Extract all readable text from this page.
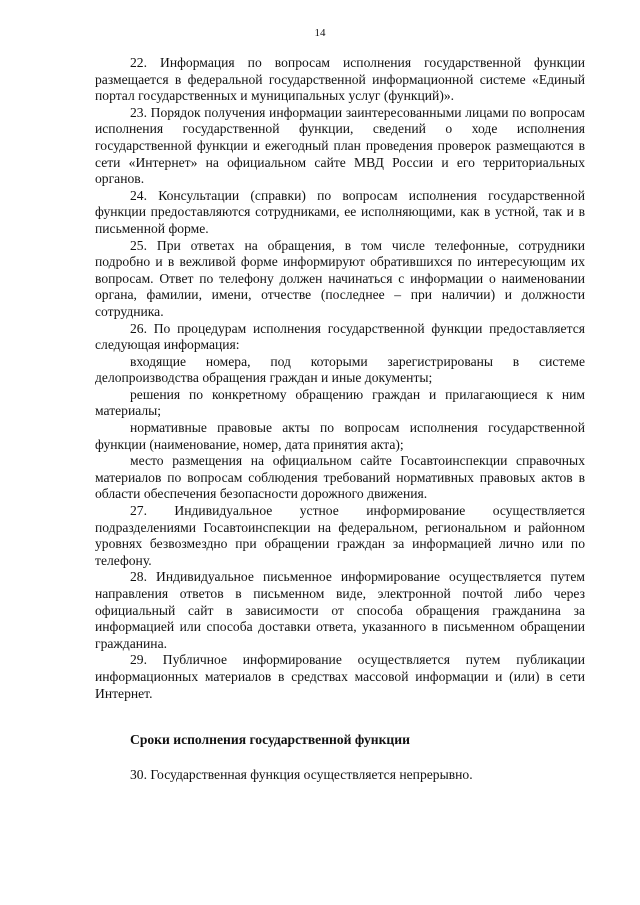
14

22. Информация по вопросам исполнения государственной функции размещается в федеральной государственной информационной системе «Единый портал государственных и муниципальных услуг (функций)».

23. Порядок получения информации заинтересованными лицами по вопросам исполнения государственной функции, сведений о ходе исполнения государственной функции и ежегодный план проведения проверок размещаются в сети «Интернет» на официальном сайте МВД России и его территориальных органов.

24. Консультации (справки) по вопросам исполнения государственной функции предоставляются сотрудниками, ее исполняющими, как в устной, так и в письменной форме.

25. При ответах на обращения, в том числе телефонные, сотрудники подробно и в вежливой форме информируют обратившихся по интересующим их вопросам. Ответ по телефону должен начинаться с информации о наименовании органа, фамилии, имени, отчестве (последнее – при наличии) и должности сотрудника.

26. По процедурам исполнения государственной функции предоставляется следующая информация:

входящие номера, под которыми зарегистрированы в системе делопроизводства обращения граждан и иные документы;

решения по конкретному обращению граждан и прилагающиеся к ним материалы;

нормативные правовые акты по вопросам исполнения государственной функции (наименование, номер, дата принятия акта);

место размещения на официальном сайте Госавтоинспекции справочных материалов по вопросам соблюдения требований нормативных правовых актов в области обеспечения безопасности дорожного движения.

27. Индивидуальное устное информирование осуществляется подразделениями Госавтоинспекции на федеральном, региональном и районном уровнях безвозмездно при обращении граждан за информацией лично или по телефону.

28. Индивидуальное письменное информирование осуществляется путем направления ответов в письменном виде, электронной почтой либо через официальный сайт в зависимости от способа обращения гражданина за информацией или способа доставки ответа, указанного в письменном обращении гражданина.

29. Публичное информирование осуществляется путем публикации информационных материалов в средствах массовой информации и (или) в сети Интернет.

Сроки исполнения государственной функции

30. Государственная функция осуществляется непрерывно.
